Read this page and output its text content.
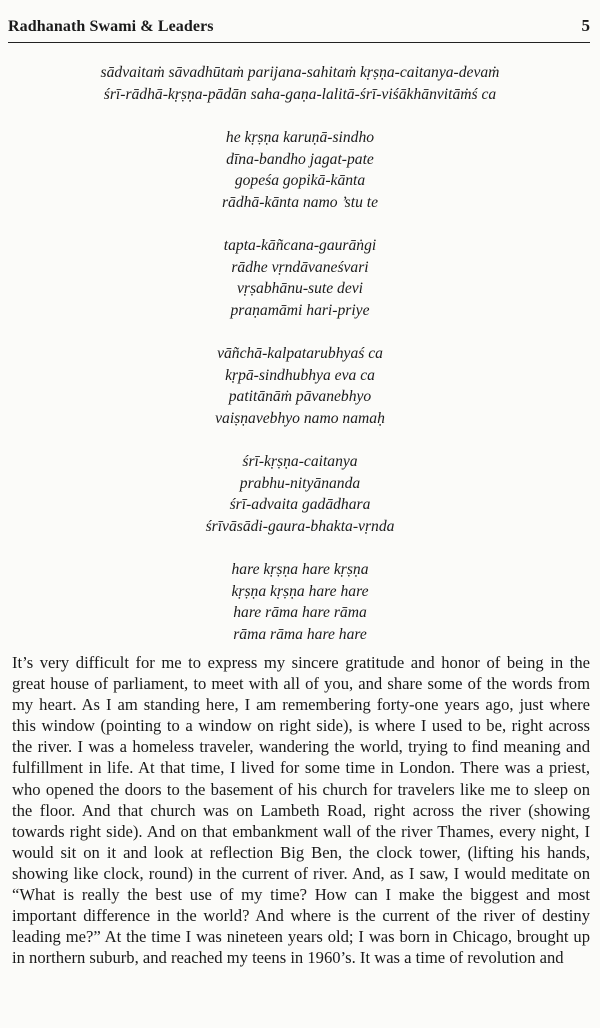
Radhanath Swami & Leaders	5
sādvaitaṁ sāvadhūtaṁ parijana-sahitaṁ kṛṣṇa-caitanya-devaṁ
śrī-rādhā-kṛṣṇa-pādān saha-gaṇa-lalitā-śrī-viśākhānvitāṁś ca
he kṛṣṇa karuṇā-sindho
dīna-bandho jagat-pate
gopeśa gopikā-kānta
rādhā-kānta namo ’stu te
tapta-kāñcana-gaurāṅgi
rādhe vṛndāvaneśvari
vṛṣabhānu-sute devi
praṇamāmi hari-priye
vāñchā-kalpatarubhyaś ca
kṛpā-sindhubhya eva ca
patitānāṁ pāvanebhyo
vaiṣṇavebhyo namo namaḥ
śrī-kṛṣṇa-caitanya
prabhu-nityānanda
śrī-advaita gadādhara
śrīvāsādi-gaura-bhakta-vṛnda
hare kṛṣṇa hare kṛṣṇa
kṛṣṇa kṛṣṇa hare hare
hare rāma hare rāma
rāma rāma hare hare

It’s very difficult for me to express my sincere gratitude and honor of being in the great house of parliament, to meet with all of you, and share some of the words from my heart. As I am standing here, I am remembering forty-one years ago, just where this window (pointing to a window on right side), is where I used to be, right across the river. I was a homeless traveler, wandering the world, trying to find meaning and fulfillment in life. At that time, I lived for some time in London. There was a priest, who opened the doors to the basement of his church for travelers like me to sleep on the floor. And that church was on Lambeth Road, right across the river (showing towards right side). And on that embankment wall of the river Thames, every night, I would sit on it and look at reflection Big Ben, the clock tower, (lifting his hands, showing like clock, round) in the current of river. And, as I saw, I would meditate on “What is really the best use of my time? How can I make the biggest and most important difference in the world? And where is the current of the river of destiny leading me?” At the time I was nineteen years old; I was born in Chicago, brought up in northern suburb, and reached my teens in 1960’s. It was a time of revolution and
